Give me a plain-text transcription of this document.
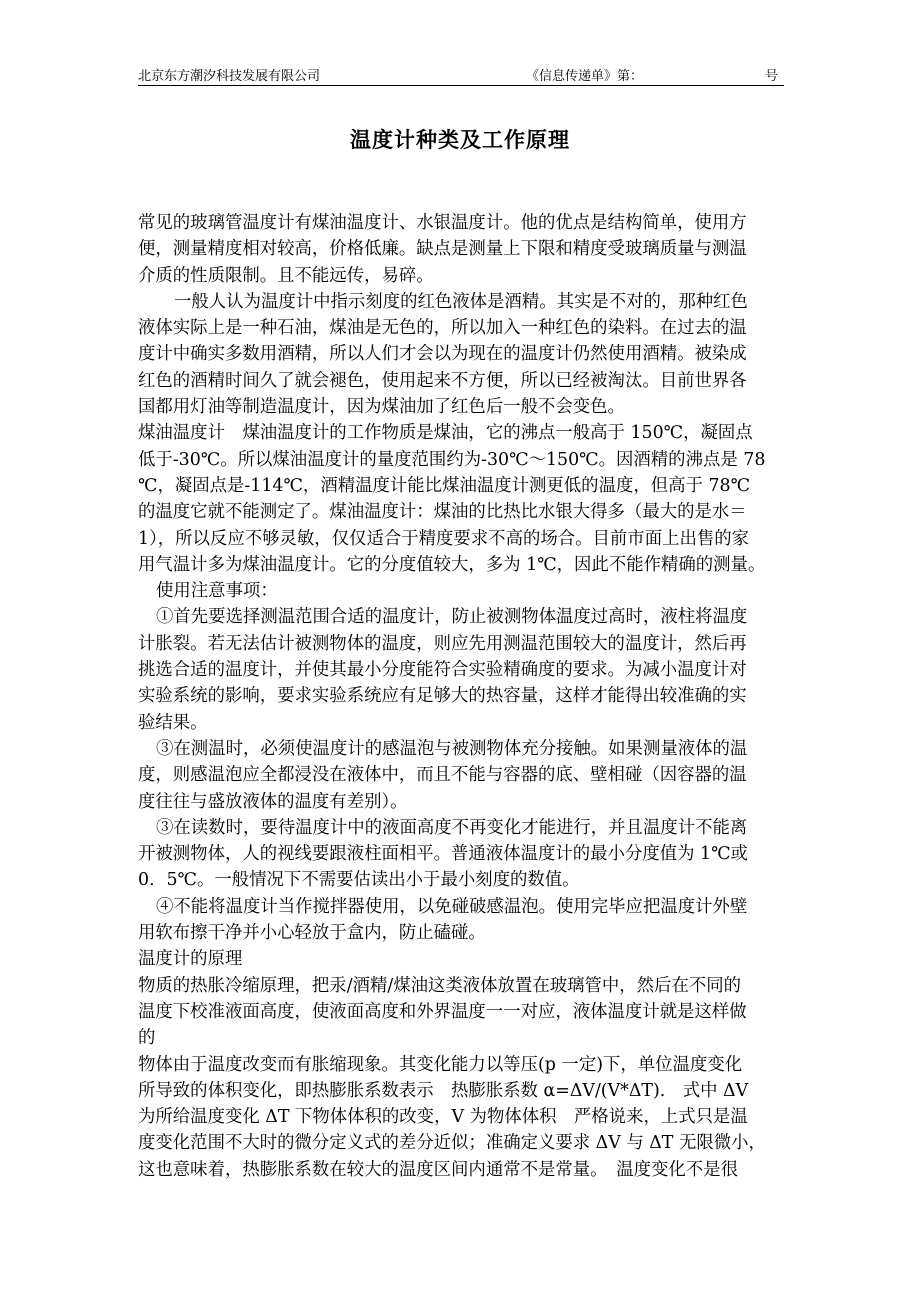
北京东方潮汐科技发展有限公司	《信息传递单》第：	号
温度计种类及工作原理

常见的玻璃管温度计有煤油温度计、水银温度计。他的优点是结构简单，使用方

便，测量精度相对较高，价格低廉。缺点是测量上下限和精度受玻璃质量与测温

介质的性质限制。且不能远传，易碎。

一般人认为温度计中指示刻度的红色液体是酒精。其实是不对的，那种红色

液体实际上是一种石油，煤油是无色的，所以加入一种红色的染料。在过去的温

度计中确实多数用酒精，所以人们才会以为现在的温度计仍然使用酒精。被染成

红色的酒精时间久了就会褪色，使用起来不方便，所以已经被淘汰。目前世界各

国都用灯油等制造温度计，因为煤油加了红色后一般不会变色。

煤油温度计　煤油温度计的工作物质是煤油，它的沸点一般高于 150℃，凝固点

低于-30℃。所以煤油温度计的量度范围约为-30℃～150℃。因酒精的沸点是 78

℃，凝固点是-114℃，酒精温度计能比煤油温度计测更低的温度，但高于 78℃

的温度它就不能测定了。煤油温度计：煤油的比热比水银大得多（最大的是水＝

1），所以反应不够灵敏，仅仅适合于精度要求不高的场合。目前市面上出售的家

用气温计多为煤油温度计。它的分度值较大，多为 1℃，因此不能作精确的测量。

使用注意事项：

①首先要选择测温范围合适的温度计，防止被测物体温度过高时，液柱将温度

计胀裂。若无法估计被测物体的温度，则应先用测温范围较大的温度计，然后再

挑选合适的温度计，并使其最小分度能符合实验精确度的要求。为减小温度计对

实验系统的影响，要求实验系统应有足够大的热容量，这样才能得出较准确的实

验结果。

③在测温时，必须使温度计的感温泡与被测物体充分接触。如果测量液体的温

度，则感温泡应全都浸没在液体中，而且不能与容器的底、壁相碰（因容器的温

度往往与盛放液体的温度有差别）。

③在读数时，要待温度计中的液面高度不再变化才能进行，并且温度计不能离

开被测物体，人的视线要跟液柱面相平。普通液体温度计的最小分度值为 1℃或

0．5℃。一般情况下不需要估读出小于最小刻度的数值。

④不能将温度计当作搅拌器使用，以免碰破感温泡。使用完毕应把温度计外壁

用软布擦干净并小心轻放于盒内，防止磕碰。

温度计的原理

物质的热胀冷缩原理，把汞/酒精/煤油这类液体放置在玻璃管中，然后在不同的

温度下校准液面高度，使液面高度和外界温度一一对应，液体温度计就是这样做

的

物体由于温度改变而有胀缩现象。其变化能力以等压(p 一定)下，单位温度变化

所导致的体积变化，即热膨胀系数表示　热膨胀系数 α=ΔV/(V*ΔT).　式中 ΔV

为所给温度变化 ΔT 下物体体积的改变，V 为物体体积　严格说来，上式只是温

度变化范围不大时的微分定义式的差分近似；准确定义要求 ΔV 与 ΔT 无限微小，

这也意味着，热膨胀系数在较大的温度区间内通常不是常量。　温度变化不是很
